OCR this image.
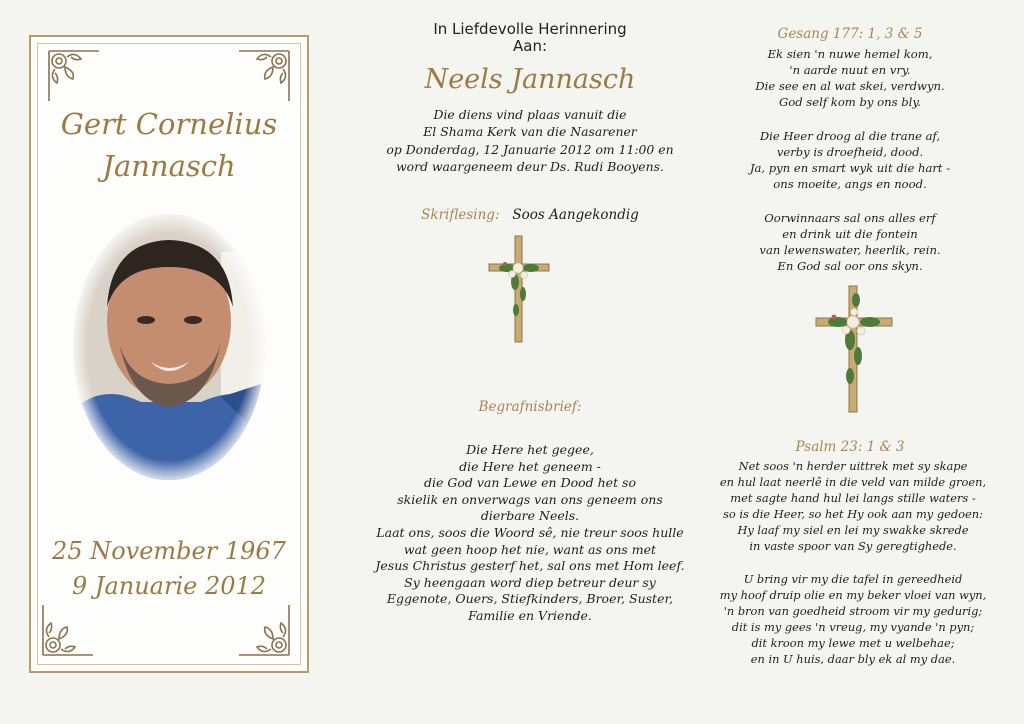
Gert Cornelius
Jannasch
25 November 1967
9 Januarie 2012
In Liefdevolle Herinnering
Aan:
Neels Jannasch
Die diens vind plaas vanuit die
El Shama Kerk van die Nasarener
op Donderdag, 12 Januarie 2012 om 11:00 en
word waargeneem deur Ds. Rudi Booyens.
Skriflesing: Soos Aangekondig
Begrafnisbrief:
Die Here het gegee,
die Here het geneem -
die God van Lewe en Dood het so
skielik en onverwags van ons geneem ons
dierbare Neels.
Laat ons, soos die Woord sê, nie treur soos hulle
wat geen hoop het nie, want as ons met
Jesus Christus gesterf het, sal ons met Hom leef.
Sy heengaan word diep betreur deur sy
Eggenote, Ouers, Stiefkinders, Broer, Suster,
Familie en Vriende.
Gesang 177: 1, 3 & 5
Ek sien 'n nuwe hemel kom,
'n aarde nuut en vry.
Die see en al wat skei, verdwyn.
God self kom by ons bly.
Die Heer droog al die trane af,
verby is droefheid, dood.
Ja, pyn en smart wyk uit die hart -
ons moeite, angs en nood.
Oorwinnaars sal ons alles erf
en drink uit die fontein
van lewenswater, heerlik, rein.
En God sal oor ons skyn.
Psalm 23: 1 & 3
Net soos 'n herder uittrek met sy skape
en hul laat neerlê in die veld van milde groen,
met sagte hand hul lei langs stille waters -
so is die Heer, so het Hy ook aan my gedoen:
Hy laaf my siel en lei my swakke skrede
in vaste spoor van Sy geregtighede.
U bring vir my die tafel in gereedheid
my hoof druip olie en my beker vloei van wyn,
'n bron van goedheid stroom vir my gedurig;
dit is my gees 'n vreug, my vyande 'n pyn;
dit kroon my lewe met u welbehae;
en in U huis, daar bly ek al my dae.
